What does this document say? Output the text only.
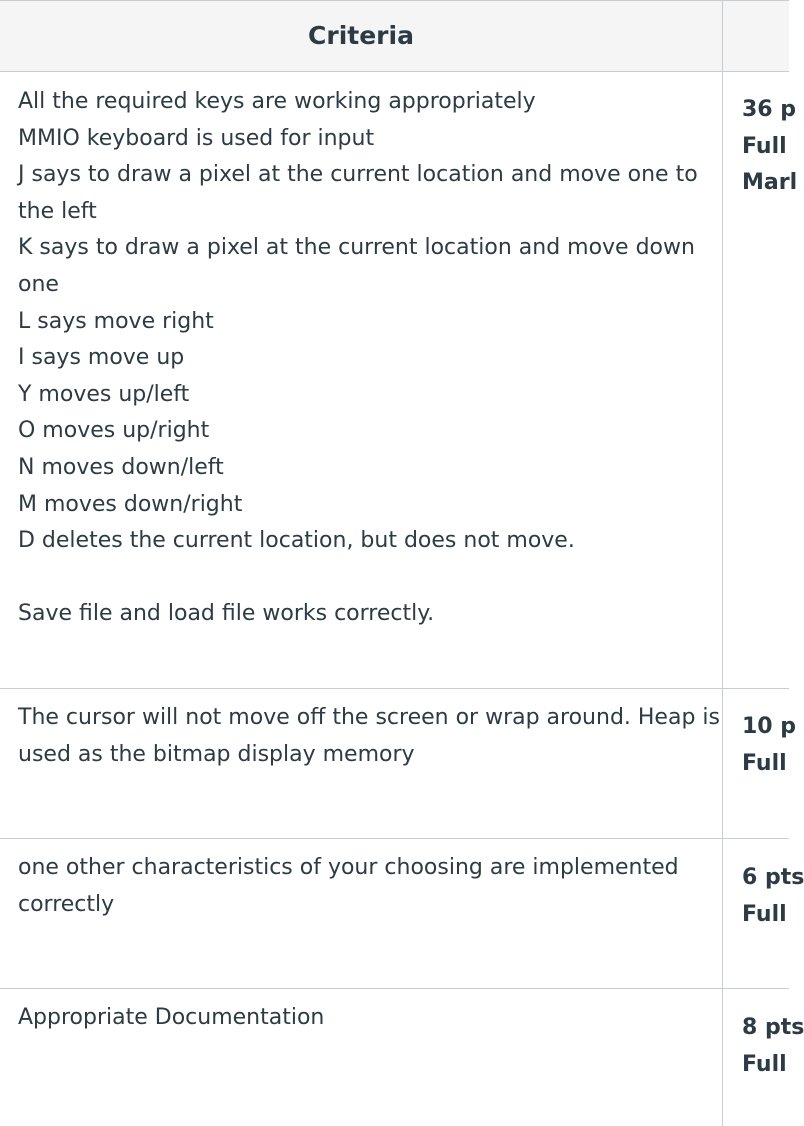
Criteria
All the required keys are working appropriately
MMIO keyboard is used for input
J says to draw a pixel at the current location and move one to
the left
K says to draw a pixel at the current location and move down
one
L says move right
I says move up
Y moves up/left
O moves up/right
N moves down/left
M moves down/right
D deletes the current location, but does not move.
Save file and load file works correctly.
36 p
Full
Marl
The cursor will not move off the screen or wrap around. Heap is
used as the bitmap display memory
10 p
Full
one other characteristics of your choosing are implemented
correctly
6 pts
Full
Appropriate Documentation	8 pts
Full
